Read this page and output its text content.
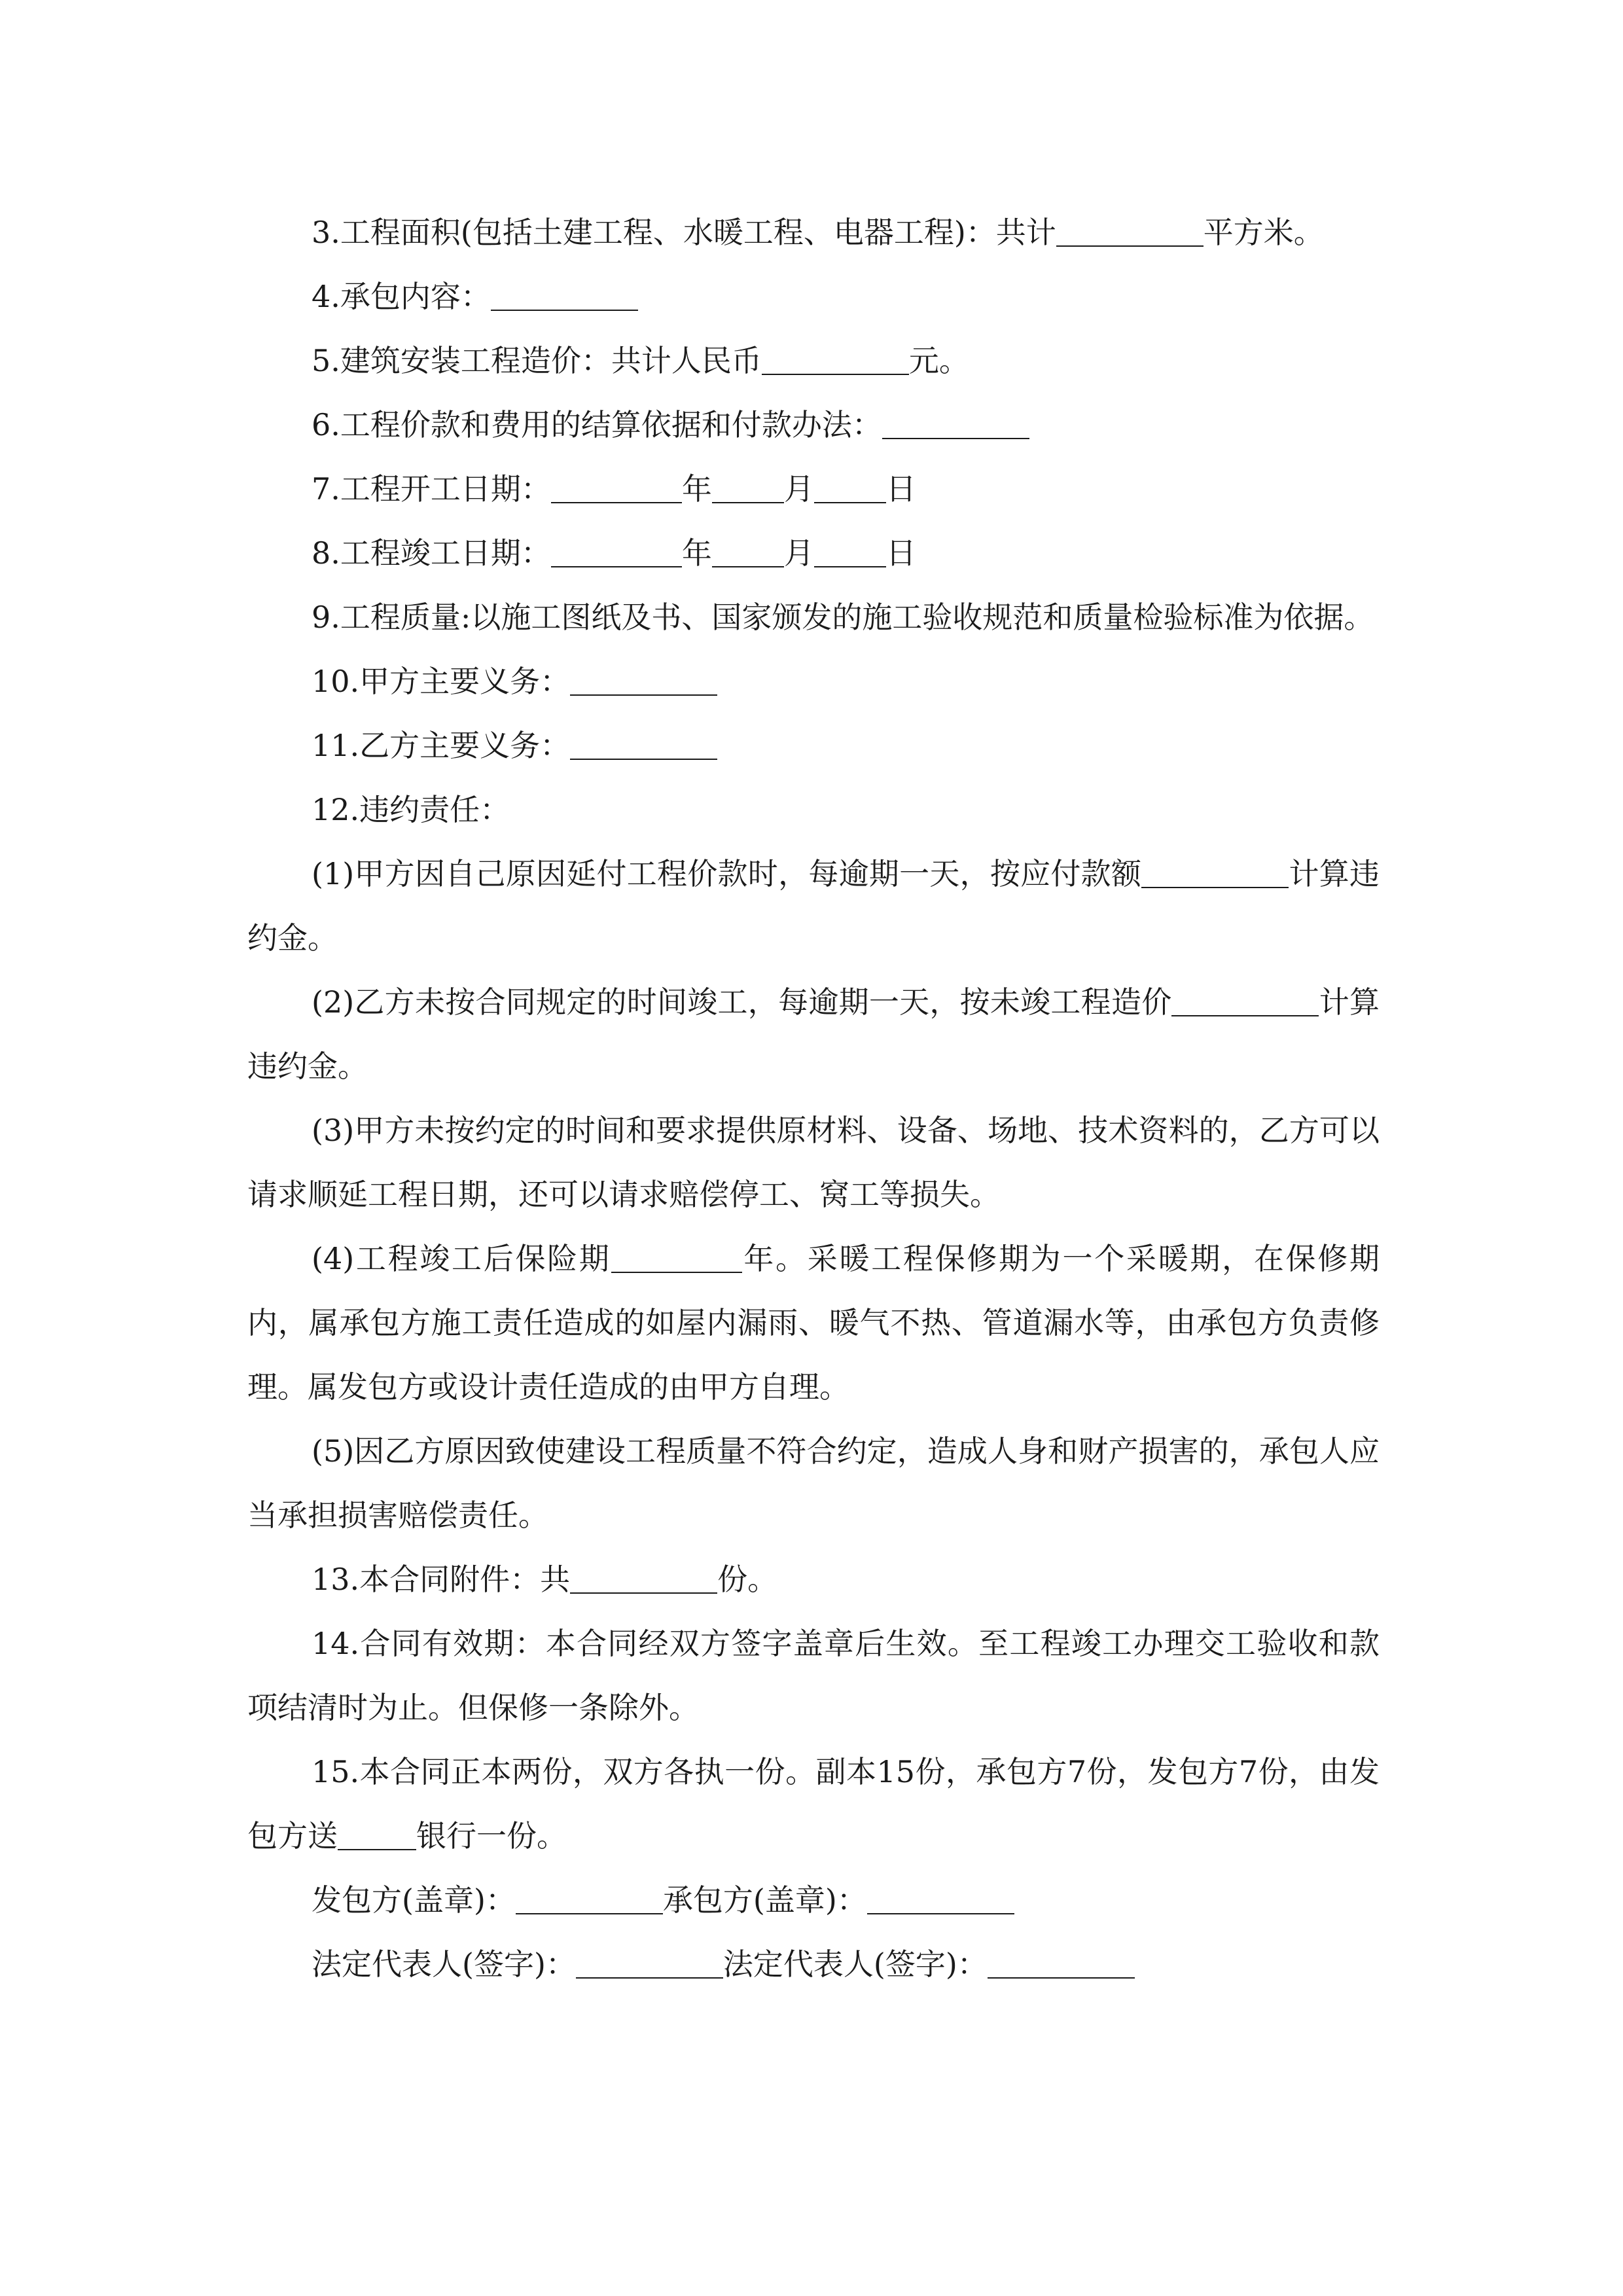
3.工程面积(包括土建工程、水暖工程、电器工程)：共计	平方米。

4.承包内容：

5.建筑安装工程造价：共计人民币	元。

6.工程价款和费用的结算依据和付款办法：

7.工程开工日期：	年 月 日

8.工程竣工日期：	年 月 日

9.工程质量:以施工图纸及书、国家颁发的施工验收规范和质量检验标准为依据。

10.甲方主要义务：

11.乙方主要义务：

12.违约责任：

(1)甲方因自己原因延付工程价款时，每逾期一天，按应付款额	计算违约金。

(2)乙方未按合同规定的时间竣工，每逾期一天，按未竣工程造价	计算违约金。

(3)甲方未按约定的时间和要求提供原材料、设备、场地、技术资料的，乙方可以请求顺延工程日期，还可以请求赔偿停工、窝工等损失。

(4)工程竣工后保险期	年。采暖工程保修期为一个采暖期，在保修期内，属承包方施工责任造成的如屋内漏雨、暖气不热、管道漏水等，由承包方负责修理。属发包方或设计责任造成的由甲方自理。

(5)因乙方原因致使建设工程质量不符合约定，造成人身和财产损害的，承包人应当承担损害赔偿责任。

13.本合同附件：共	份。

14.合同有效期：本合同经双方签字盖章后生效。至工程竣工办理交工验收和款项结清时为止。但保修一条除外。

15.本合同正本两份，双方各执一份。副本15份，承包方7份，发包方7份，由发包方送	银行一份。

发包方(盖章)：	承包方(盖章)：

法定代表人(签字)：	法定代表人(签字)：
